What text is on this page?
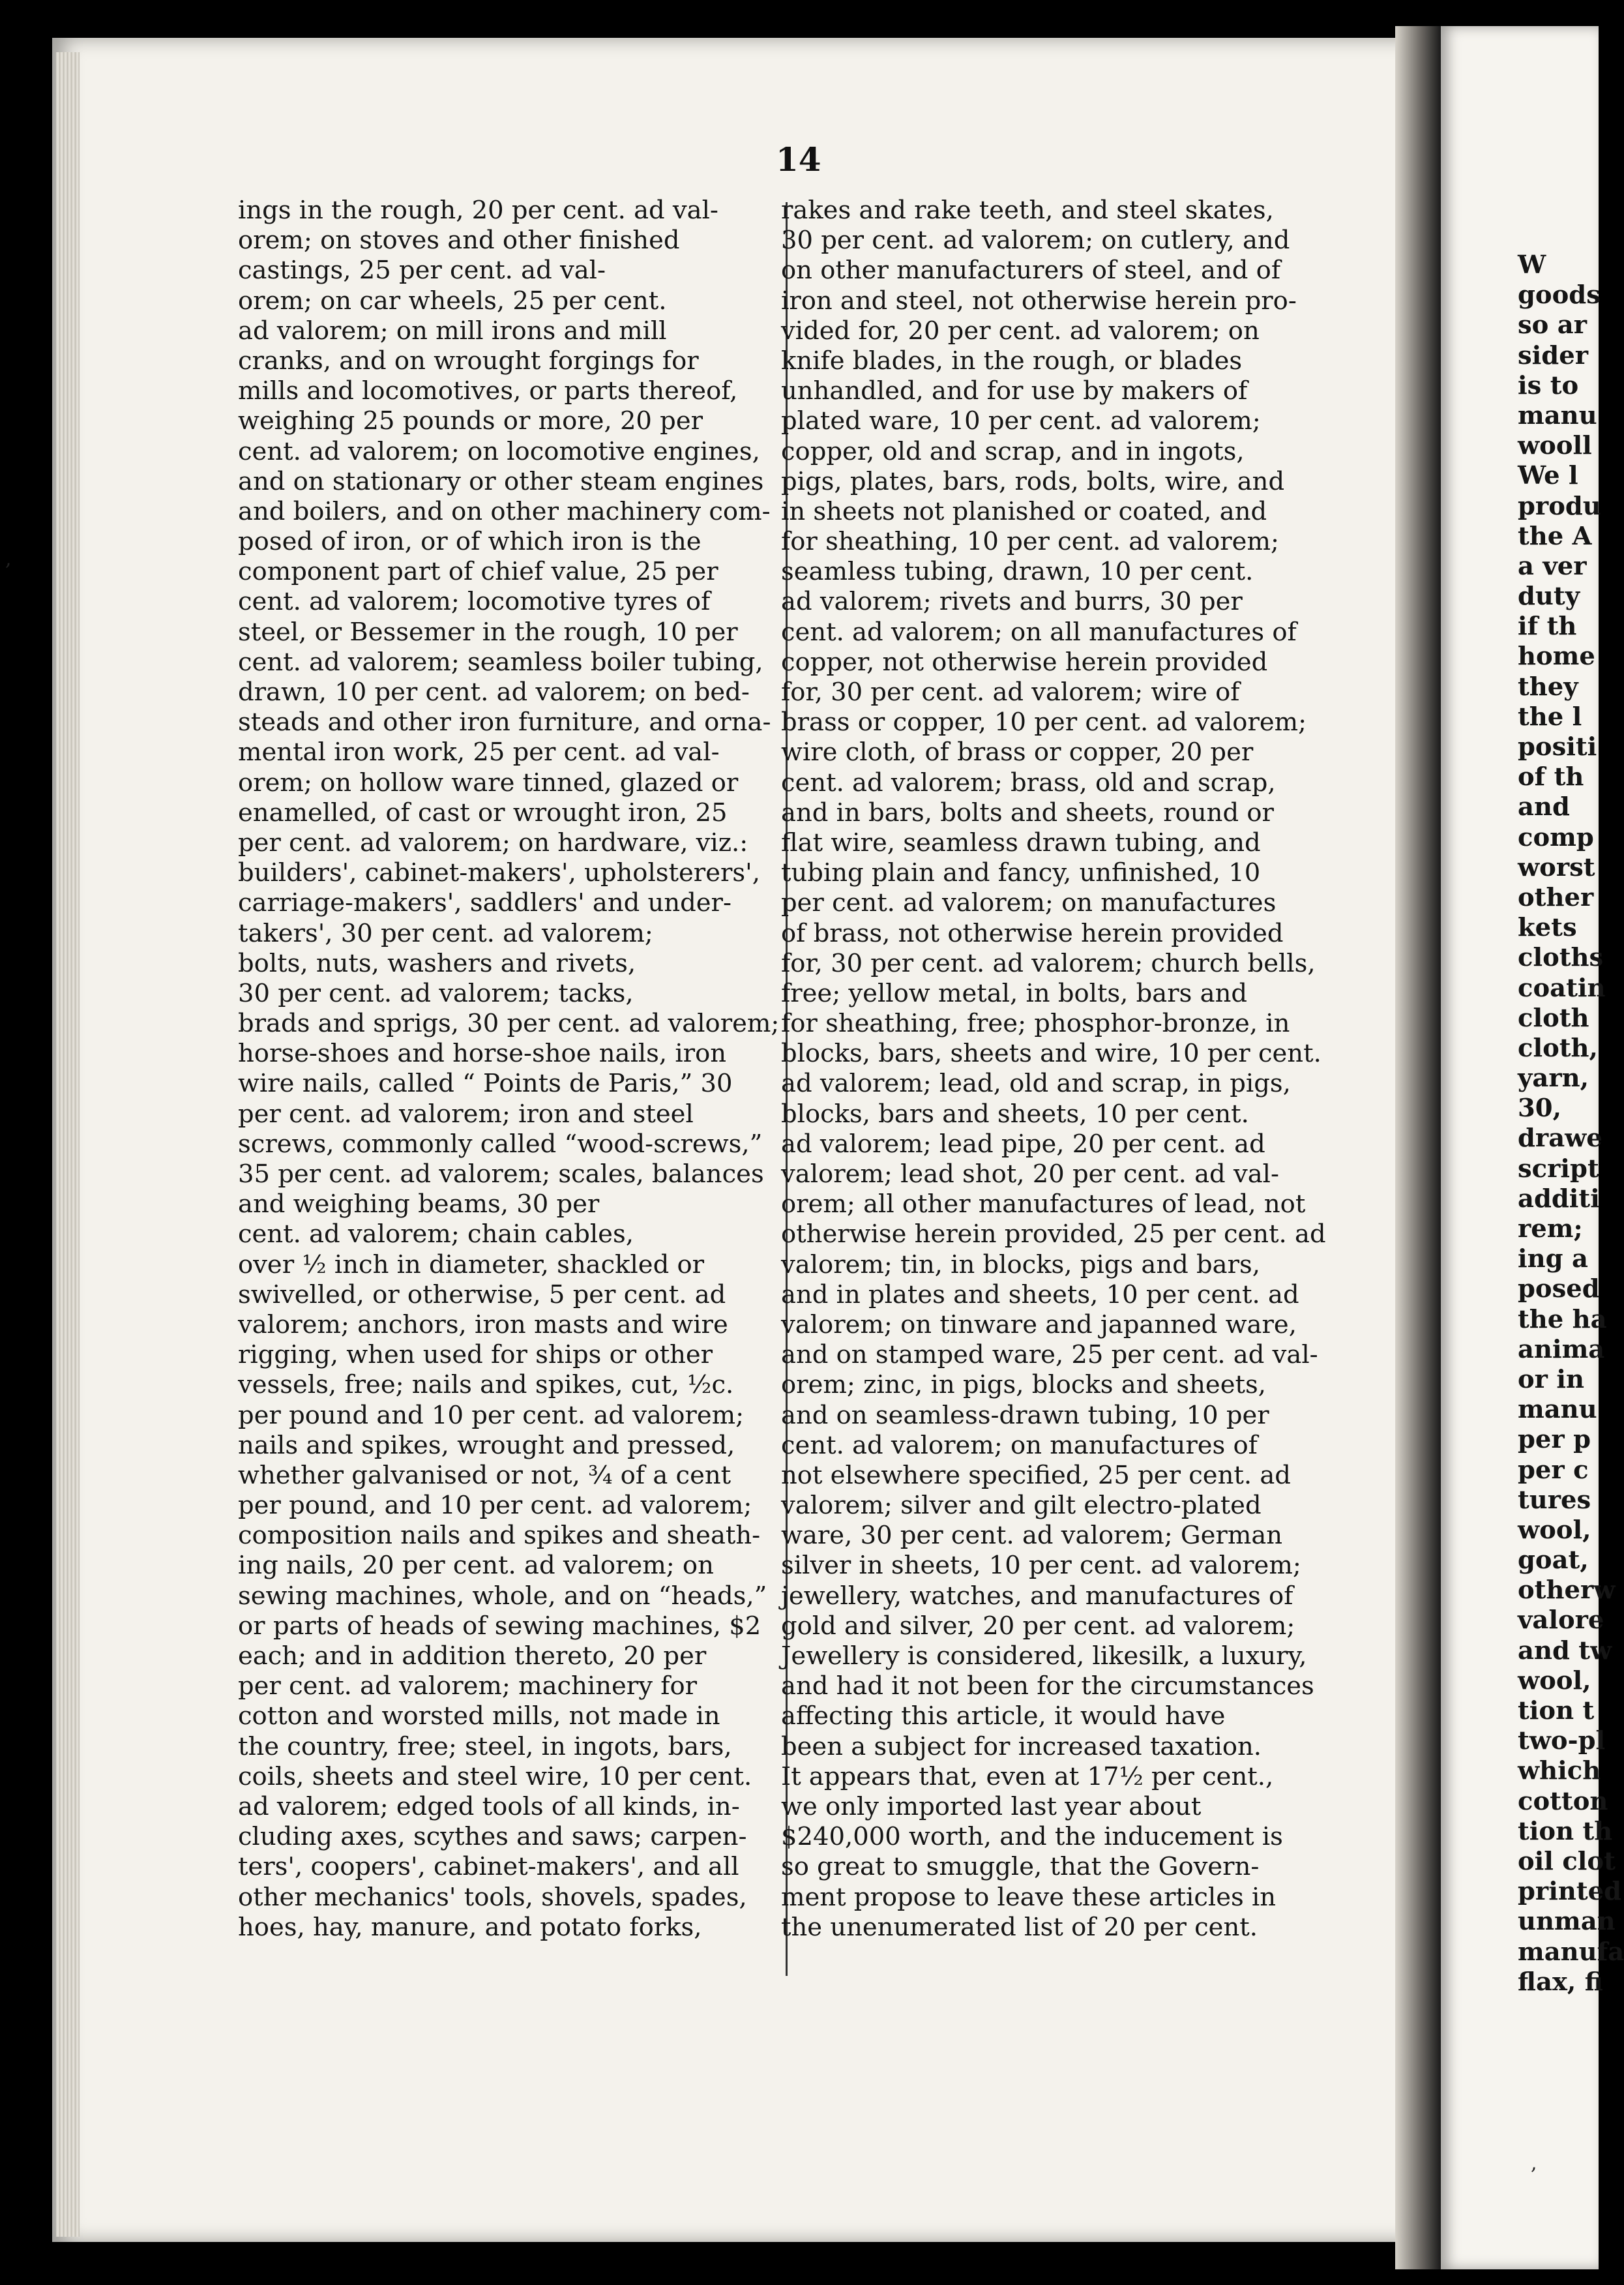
14
ings in the rough, 20 per cent. ad val-
orem; on stoves and other finished
castings, 25 per cent. ad val-
orem; on car wheels, 25 per cent.
ad valorem; on mill irons and mill
cranks, and on wrought forgings for
mills and locomotives, or parts thereof,
weighing 25 pounds or more, 20 per
cent. ad valorem; on locomotive engines,
and on stationary or other steam engines
and boilers, and on other machinery com-
posed of iron, or of which iron is the
component part of chief value, 25 per
cent. ad valorem; locomotive tyres of
steel, or Bessemer in the rough, 10 per
cent. ad valorem; seamless boiler tubing,
drawn, 10 per cent. ad valorem; on bed-
steads and other iron furniture, and orna-
mental iron work, 25 per cent. ad val-
orem; on hollow ware tinned, glazed or
enamelled, of cast or wrought iron, 25
per cent. ad valorem; on hardware, viz.:
builders', cabinet-makers', upholsterers',
carriage-makers', saddlers' and under-
takers', 30 per cent. ad valorem;
bolts, nuts, washers and rivets,
30 per cent. ad valorem; tacks,
brads and sprigs, 30 per cent. ad valorem;
horse-shoes and horse-shoe nails, iron
wire nails, called “ Points de Paris,” 30
per cent. ad valorem; iron and steel
screws, commonly called “wood-screws,”
35 per cent. ad valorem; scales, balances
and weighing beams, 30 per
cent. ad valorem; chain cables,
over ½ inch in diameter, shackled or
swivelled, or otherwise, 5 per cent. ad
valorem; anchors, iron masts and wire
rigging, when used for ships or other
vessels, free; nails and spikes, cut, ½c.
per pound and 10 per cent. ad valorem;
nails and spikes, wrought and pressed,
whether galvanised or not, ¾ of a cent
per pound, and 10 per cent. ad valorem;
composition nails and spikes and sheath-
ing nails, 20 per cent. ad valorem; on
sewing machines, whole, and on “heads,”
or parts of heads of sewing machines, $2
each; and in addition thereto, 20 per
per cent. ad valorem; machinery for
cotton and worsted mills, not made in
the country, free; steel, in ingots, bars,
coils, sheets and steel wire, 10 per cent.
ad valorem; edged tools of all kinds, in-
cluding axes, scythes and saws; carpen-
ters', coopers', cabinet-makers', and all
other mechanics' tools, shovels, spades,
hoes, hay, manure, and potato forks,
rakes and rake teeth, and steel skates,
30 per cent. ad valorem; on cutlery, and
on other manufacturers of steel, and of
iron and steel, not otherwise herein pro-
vided for, 20 per cent. ad valorem; on
knife blades, in the rough, or blades
unhandled, and for use by makers of
plated ware, 10 per cent. ad valorem;
copper, old and scrap, and in ingots,
pigs, plates, bars, rods, bolts, wire, and
in sheets not planished or coated, and
for sheathing, 10 per cent. ad valorem;
seamless tubing, drawn, 10 per cent.
ad valorem; rivets and burrs, 30 per
cent. ad valorem; on all manufactures of
copper, not otherwise herein provided
for, 30 per cent. ad valorem; wire of
brass or copper, 10 per cent. ad valorem;
wire cloth, of brass or copper, 20 per
cent. ad valorem; brass, old and scrap,
and in bars, bolts and sheets, round or
flat wire, seamless drawn tubing, and
tubing plain and fancy, unfinished, 10
per cent. ad valorem; on manufactures
of brass, not otherwise herein provided
for, 30 per cent. ad valorem; church bells,
free; yellow metal, in bolts, bars and
for sheathing, free; phosphor-bronze, in
blocks, bars, sheets and wire, 10 per cent.
ad valorem; lead, old and scrap, in pigs,
blocks, bars and sheets, 10 per cent.
ad valorem; lead pipe, 20 per cent. ad
valorem; lead shot, 20 per cent. ad val-
orem; all other manufactures of lead, not
otherwise herein provided, 25 per cent. ad
valorem; tin, in blocks, pigs and bars,
and in plates and sheets, 10 per cent. ad
valorem; on tinware and japanned ware,
and on stamped ware, 25 per cent. ad val-
orem; zinc, in pigs, blocks and sheets,
and on seamless-drawn tubing, 10 per
cent. ad valorem; on manufactures of
not elsewhere specified, 25 per cent. ad
valorem; silver and gilt electro-plated
ware, 30 per cent. ad valorem; German
silver in sheets, 10 per cent. ad valorem;
jewellery, watches, and manufactures of
gold and silver, 20 per cent. ad valorem;
Jewellery is considered, likesilk, a luxury,
and had it not been for the circumstances
affecting this article, it would have
been a subject for increased taxation.
It appears that, even at 17½ per cent.,
we only imported last year about
$240,000 worth, and the inducement is
so great to smuggle, that the Govern-
ment propose to leave these articles in
the unenumerated list of 20 per cent.
W
goods
so ar
sider
is to
manu
wooll
We l
produ
the A
a ver
duty
if th
home
they
the l
positi
of th
and
comp
worst
other
kets
cloths
coatin
cloth
cloth,
yarn,
30,
drawe
script
additi
rem;
ing a
posed
the ha
anima
or in
manu
per p
per c
tures
wool,
goat,
otherw
valore
and tw
wool,
tion t
two-pl
which
cotton
tion th
oil clot
printed
unman
manufa
flax, fi
,
,
